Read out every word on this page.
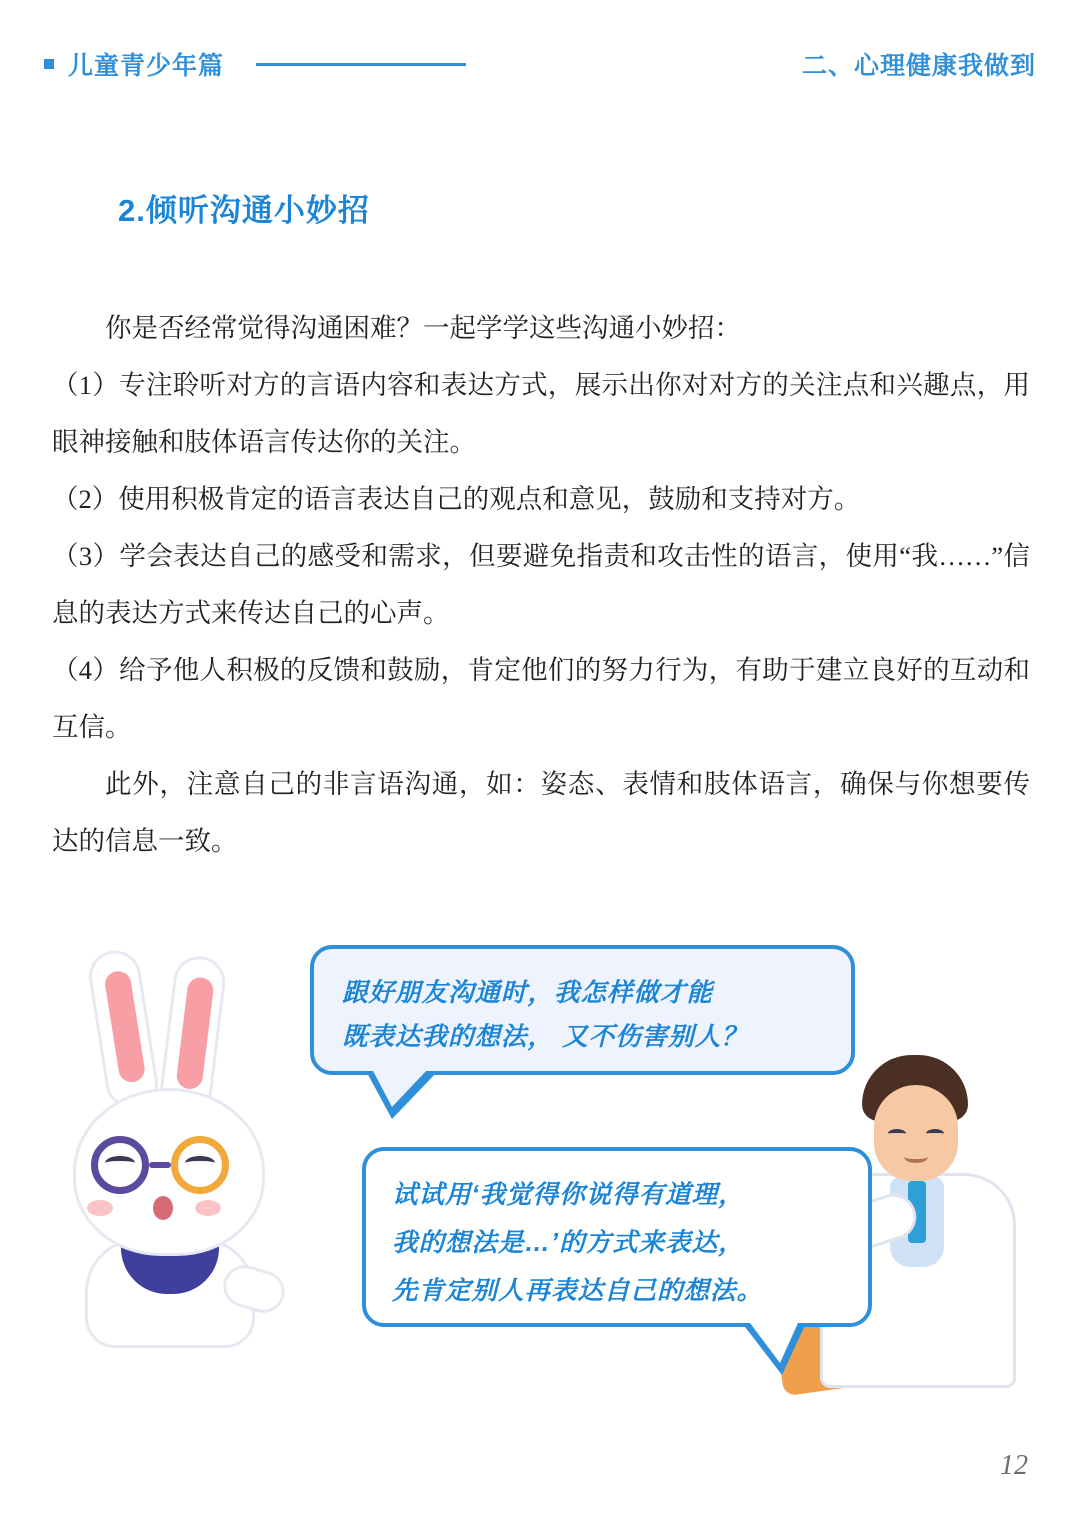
儿童青少年篇	二、心理健康我做到
2.倾听沟通小妙招

你是否经常觉得沟通困难？一起学学这些沟通小妙招：

（1）专注聆听对方的言语内容和表达方式，展示出你对对方的关注点和兴趣点，用眼神接触和肢体语言传达你的关注。

（2）使用积极肯定的语言表达自己的观点和意见，鼓励和支持对方。

（3）学会表达自己的感受和需求，但要避免指责和攻击性的语言，使用“我……”信息的表达方式来传达自己的心声。

（4）给予他人积极的反馈和鼓励，肯定他们的努力行为，有助于建立良好的互动和互信。

此外，注意自己的非言语沟通，如：姿态、表情和肢体语言，确保与你想要传达的信息一致。

跟好朋友沟通时，我怎样做才能
既表达我的想法， 又不伤害别人？
试试用‘我觉得你说得有道理，
我的想法是…’的方式来表达，
先肯定别人再表达自己的想法。
12
